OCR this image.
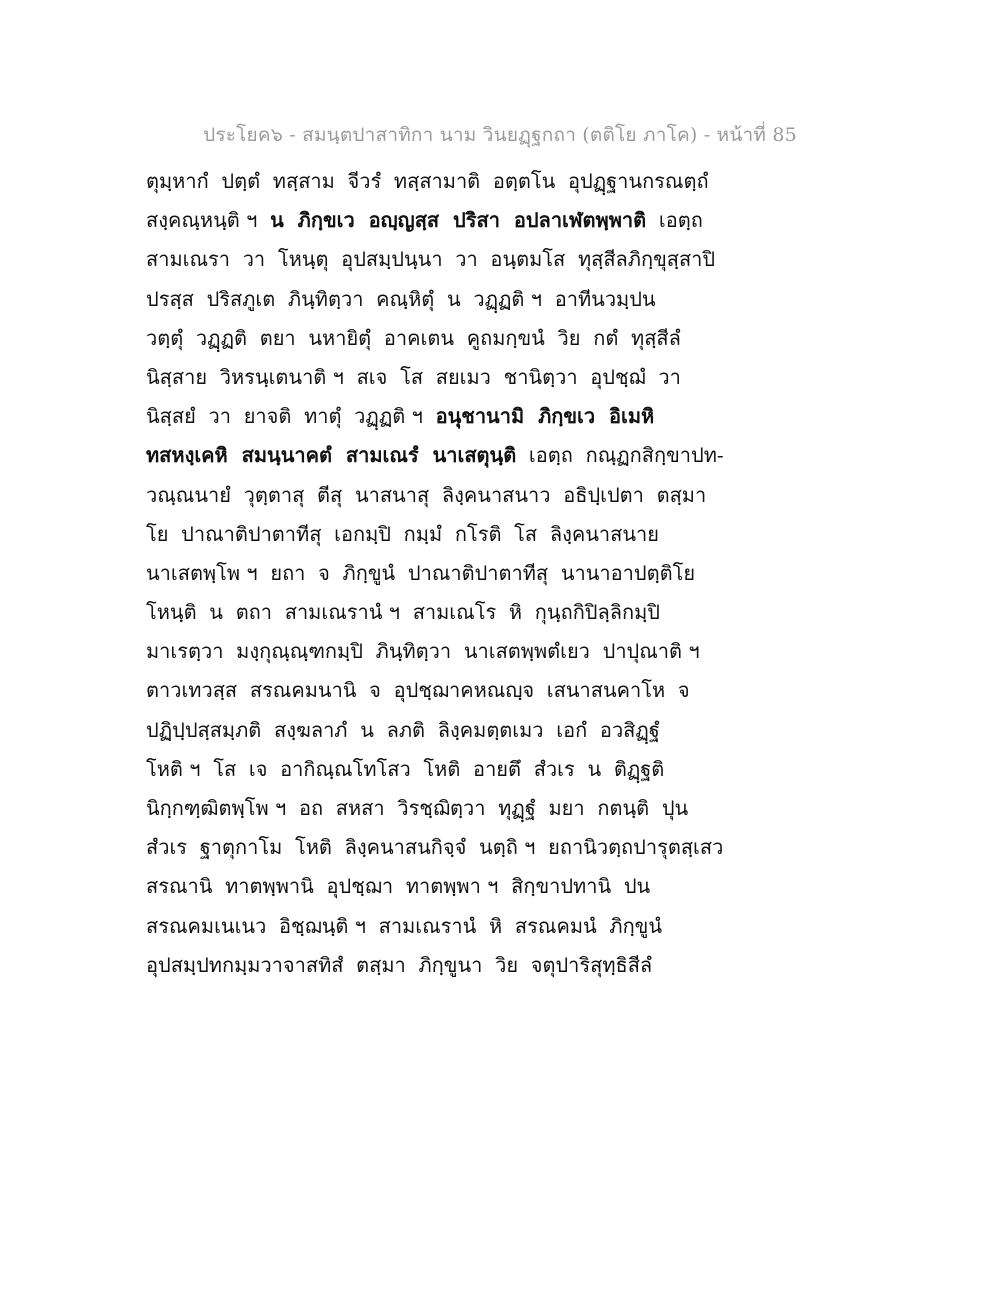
ประโยค๖ - สมนฺตปาสาทิกา นาม วินยฏฺฐกถา (ตติโย ภาโค) - หน้าที่ 85
ตุมฺหากํ  ปตฺตํ  ทสฺสาม  จีวรํ  ทสฺสามาติ  อตฺตโน  อุปฏฺฐานกรณตฺถํ
สงฺคณฺหนฺติ ฯ  น  ภิกฺขเว  อญฺญสฺส  ปริสา  อปลาเฬตพฺพาติ  เอตฺถ
สามเณรา  วา  โหนฺตุ  อุปสมฺปนฺนา  วา  อนฺตมโส  ทุสฺสีลภิกฺขุสฺสาปิ
ปรสฺส  ปริสภูเต  ภินฺทิตฺวา  คณฺหิตุํ  น  วฏฺฏติ ฯ  อาทีนวมฺปน
วตฺตุํ  วฏฺฏติ  ตยา  นหายิตุํ  อาคเตน  คูถมกฺขนํ  วิย  กตํ  ทุสฺสีลํ
นิสฺสาย  วิหรนฺเตนาติ ฯ  สเจ  โส  สยเมว  ชานิตฺวา  อุปชฺฌํ  วา
นิสฺสยํ  วา  ยาจติ  ทาตุํ  วฏฺฏติ ฯ  อนุชานามิ  ภิกฺขเว  อิเมหิ
ทสหงฺเคหิ  สมนฺนาคตํ  สามเณรํ  นาเสตุนฺติ  เอตฺถ  กณฺฏกสิกฺขาปท-
วณฺณนายํ  วุตฺตาสุ  ตีสุ  นาสนาสุ  ลิงฺคนาสนาว  อธิปฺเปตา  ตสฺมา
โย  ปาณาติปาตาทีสุ  เอกมฺปิ  กมฺมํ  กโรติ  โส  ลิงฺคนาสนาย
นาเสตพฺโพ ฯ  ยถา  จ  ภิกฺขูนํ  ปาณาติปาตาทีสุ  นานาอาปตฺติโย
โหนฺติ  น  ตถา  สามเณรานํ ฯ  สามเณโร  หิ  กุนฺถกิปิลฺลิกมฺปิ
มาเรตฺวา  มงฺกุณฺณฺฑกมฺปิ  ภินฺทิตฺวา  นาเสตพฺพตํเยว  ปาปุณาติ ฯ
ตาวเทวสฺส  สรณคมนานิ  จ  อุปชฺฌาคหณญฺจ  เสนาสนคาโห  จ
ปฏิปฺปสฺสมฺภติ  สงฺฆลาภํ  น  ลภติ  ลิงฺคมตฺตเมว  เอกํ  อวสิฏฺฐํ
โหติ ฯ  โส  เจ  อากิณฺณโทโสว  โหติ  อายตึ  สํวเร  น  ติฏฺฐติ
นิกฺกฑฺฒิตพฺโพ ฯ  อถ  สหสา  วิรชฺฌิตฺวา  ทุฏฺฐํ  มยา  กตนฺติ  ปุน
สํวเร  ฐาตุกาโม  โหติ  ลิงฺคนาสนกิจฺจํ  นตฺถิ ฯ  ยถานิวตฺถปารุตสฺเสว
สรณานิ  ทาตพฺพานิ  อุปชฺฌา  ทาตพฺพา ฯ  สิกฺขาปทานิ  ปน
สรณคมเนเนว  อิชฺฌนฺติ ฯ  สามเณรานํ  หิ  สรณคมนํ  ภิกฺขูนํ
อุปสมฺปทกมฺมวาจาสทิสํ  ตสฺมา  ภิกฺขูนา  วิย  จตุปาริสุทฺธิสีลํ
